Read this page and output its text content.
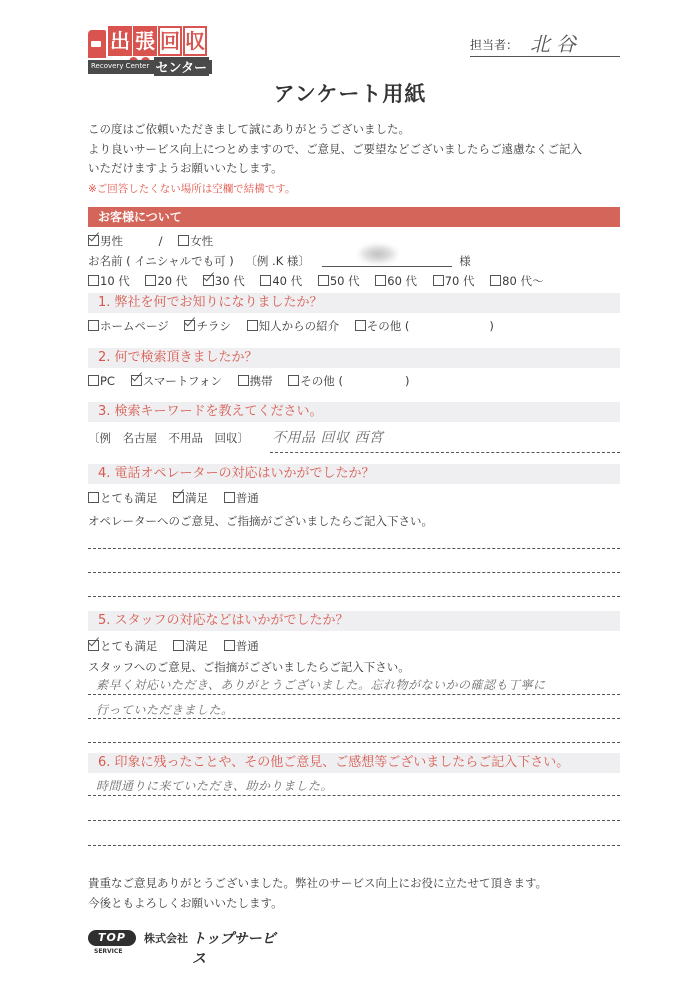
出 張 回 収
Recovery Center センター
担当者： 北谷
アンケート用紙
この度はご依頼いただきまして誠にありがとうございました。
より良いサービス向上につとめますので、ご意見、ご要望などございましたらご遠慮なくご記入
いただけますようお願いいたします。
※ご回答したくない場所は空欄で結構です。
お客様について
男性	/ 女性
お名前 ( イニシャルでも可 ) 〔例 .K 様〕	様
10 代 20 代 30 代 40 代 50 代 60 代 70 代 80 代～
1. 弊社を何でお知りになりましたか？
ホームページ チラシ 知人からの紹介 その他 (	)
2. 何で検索頂きましたか？
PC スマートフォン 携帯 その他 (	)
3. 検索キーワードを教えてください。
〔例　名古屋　不用品　回収〕 不用品 回収 西宮
4. 電話オペレーターの対応はいかがでしたか？
とても満足 満足 普通
オペレーターへのご意見、ご指摘がございましたらご記入下さい。
5. スタッフの対応などはいかがでしたか？
とても満足 満足 普通
スタッフへのご意見、ご指摘がございましたらご記入下さい。
素早く対応いただき、ありがとうございました。忘れ物がないかの確認も丁寧に
行っていただきました。
6. 印象に残ったことや、その他ご意見、ご感想等ございましたらご記入下さい。
時間通りに来ていただき、助かりました。
貴重なご意見ありがとうございました。弊社のサービス向上にお役に立たせて頂きます。
今後ともよろしくお願いいたします。
TOP
SERVICE
株式会社 トップサービス
